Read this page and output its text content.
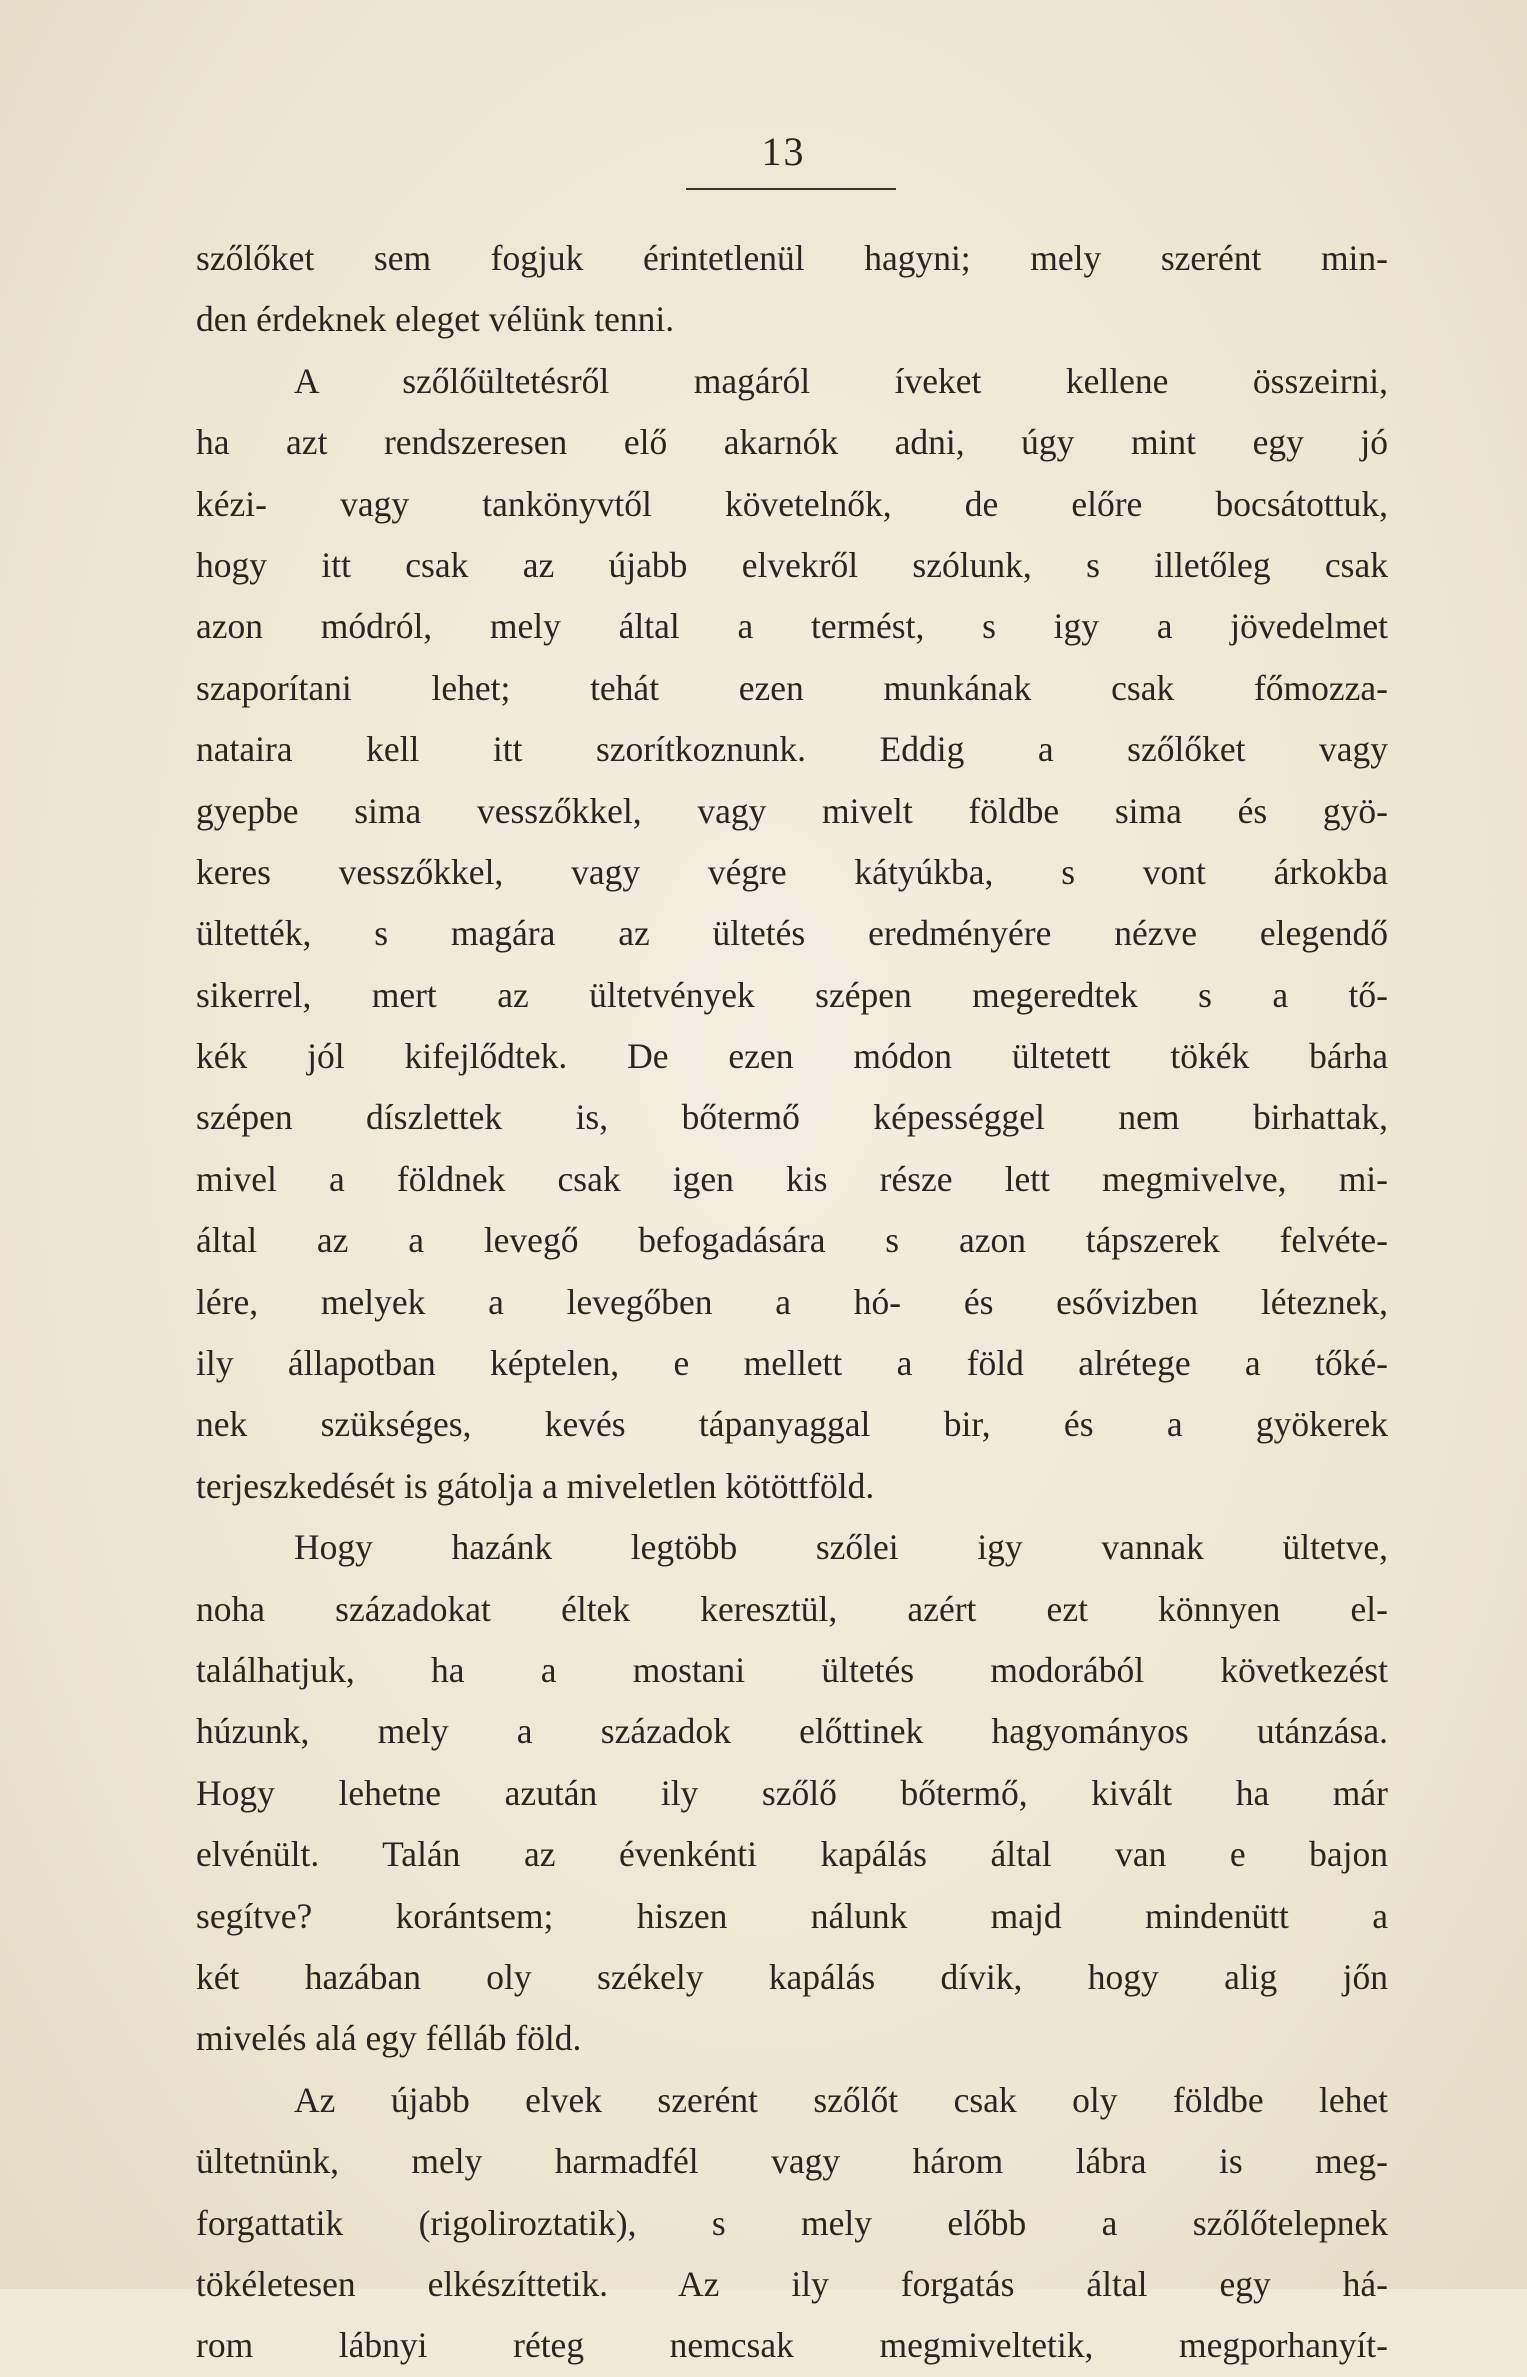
13
szőlőket sem fogjuk érintetlenül hagyni; mely szerént min-
den érdeknek eleget vélünk tenni.
A szőlőültetésről magáról íveket kellene összeirni,
ha azt rendszeresen elő akarnók adni, úgy mint egy jó
kézi- vagy tankönyvtől követelnők, de előre bocsátottuk,
hogy itt csak az újabb elvekről szólunk, s illetőleg csak
azon módról, mely által a termést, s igy a jövedelmet
szaporítani lehet; tehát ezen munkának csak főmozza-
nataira kell itt szorítkoznunk. Eddig a szőlőket vagy
gyepbe sima vesszőkkel, vagy mivelt földbe sima és gyö-
keres vesszőkkel, vagy végre kátyúkba, s vont árkokba
ültették, s magára az ültetés eredményére nézve elegendő
sikerrel, mert az ültetvények szépen megeredtek s a tő-
kék jól kifejlődtek. De ezen módon ültetett tökék bárha
szépen díszlettek is, bőtermő képességgel nem birhattak,
mivel a földnek csak igen kis része lett megmivelve, mi-
által az a levegő befogadására s azon tápszerek felvéte-
lére, melyek a levegőben a hó- és esővizben léteznek,
ily állapotban képtelen, e mellett a föld alrétege a tőké-
nek szükséges, kevés tápanyaggal bir, és a gyökerek
terjeszkedését is gátolja a miveletlen kötöttföld.
Hogy hazánk legtöbb szőlei igy vannak ültetve,
noha századokat éltek keresztül, azért ezt könnyen el-
találhatjuk, ha a mostani ültetés modorából következést
húzunk, mely a századok előttinek hagyományos utánzása.
Hogy lehetne azután ily szőlő bőtermő, kivált ha már
elvénült. Talán az évenkénti kapálás által van e bajon
segítve? korántsem; hiszen nálunk majd mindenütt a
két hazában oly székely kapálás dívik, hogy alig jőn
mivelés alá egy félláb föld.
Az újabb elvek szerént szőlőt csak oly földbe lehet
ültetnünk, mely harmadfél vagy három lábra is meg-
forgattatik (rigoliroztatik), s mely előbb a szőlőtelepnek
tökéletesen elkészíttetik. Az ily forgatás által egy há-
rom lábnyi réteg nemcsak megmiveltetik, megporhanyít-
